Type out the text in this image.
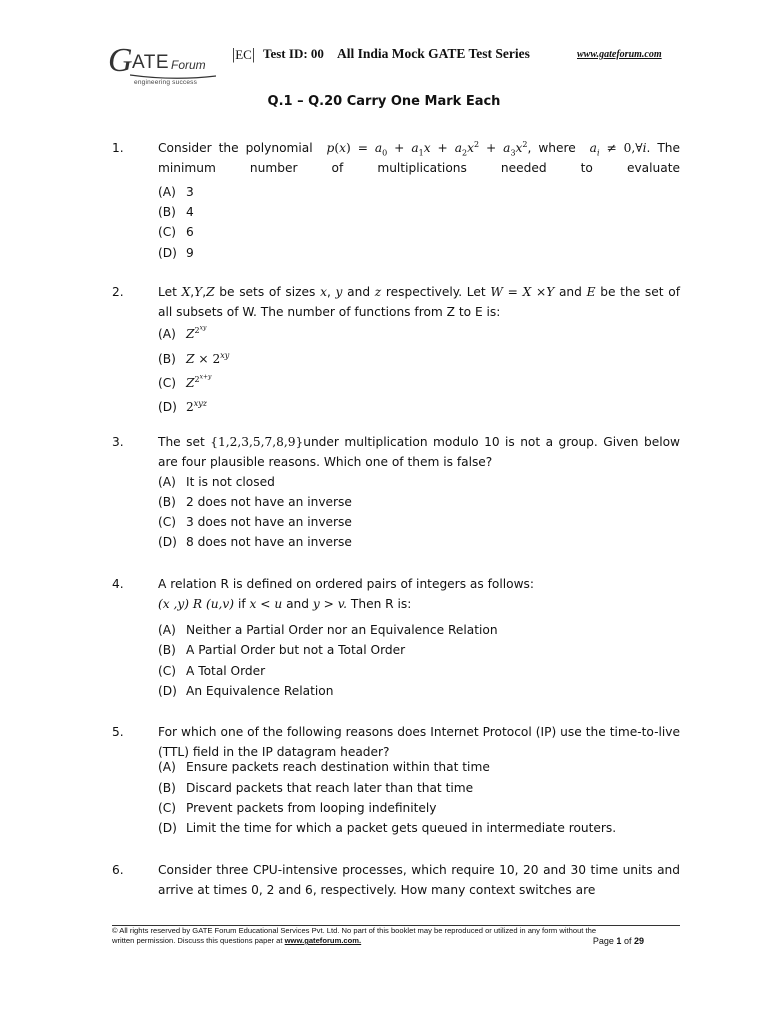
G ATE Forum
engineering success
|EC| Test ID: 00 All India Mock GATE Test Series	www.gateforum.com
Q.1 – Q.20 Carry One Mark Each
1.	Consider the polynomial $p(x) = a_0 + a_1x + a_2x^2 + a_3x^2$, where $a_i$ ≠ 0,∀i. The minimum number of multiplications needed to evaluate

(A) 3
(B) 4
(C) 6
(D) 9
2.	Let X,Y,Z be sets of sizes x, y and z respectively. Let W = X ×Y and E be the set of all subsets of W. The number of functions from Z to E is:

(A) $Z^{2^{xy}}$
(B) $Z \times 2^{xy}$
(C) $Z^{2^{x+y}}$
(D) $2^{xyz}$
3.	The set {1,2,3,5,7,8,9}under multiplication modulo 10 is not a group. Given below are four plausible reasons. Which one of them is false?

(A) It is not closed
(B) 2 does not have an inverse
(C) 3 does not have an inverse
(D) 8 does not have an inverse
4.	A relation R is defined on ordered pairs of integers as follows:

(x ,y) R (u,v) if x < u and y > v. Then R is:

(A) Neither a Partial Order nor an Equivalence Relation
(B) A Partial Order but not a Total Order
(C) A Total Order
(D) An Equivalence Relation
5.	For which one of the following reasons does Internet Protocol (IP) use the time-to-live (TTL) field in the IP datagram header?
(A) Ensure packets reach destination within that time
(B) Discard packets that reach later than that time
(C) Prevent packets from looping indefinitely
(D) Limit the time for which a packet gets queued in intermediate routers.
6.	Consider three CPU-intensive processes, which require 10, 20 and 30 time units and arrive at times 0, 2 and 6, respectively. How many context switches are
© All rights reserved by GATE Forum Educational Services Pvt. Ltd. No part of this booklet may be reproduced or utilized in any form without the
written permission. Discuss this questions paper at www.gateforum.com.	Page 1 of 29
